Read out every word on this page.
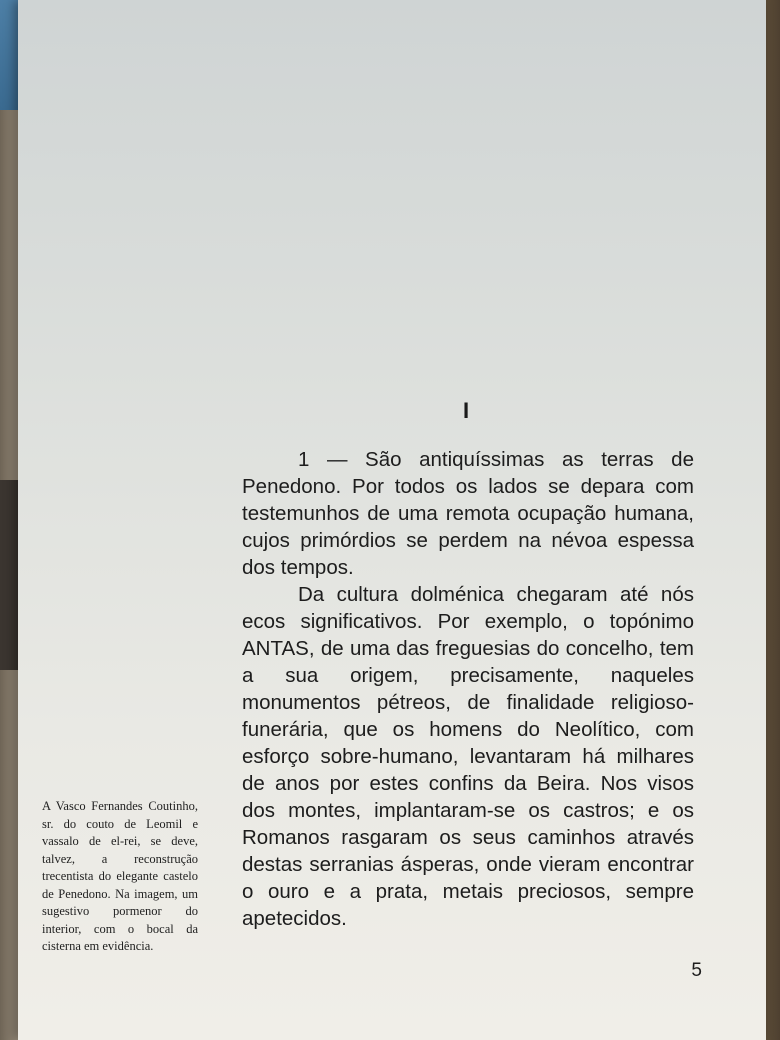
I

1 — São antiquíssimas as terras de Penedono. Por todos os lados se depara com testemunhos de uma remota ocupação humana, cujos primórdios se perdem na névoa espessa dos tempos.

Da cultura dolménica chegaram até nós ecos significativos. Por exemplo, o topónimo ANTAS, de uma das freguesias do concelho, tem a sua origem, precisamente, naqueles monumentos pétreos, de finalidade religioso-funerária, que os homens do Neolítico, com esforço sobre-humano, levantaram há milhares de anos por estes confins da Beira. Nos visos dos montes, implantaram-se os castros; e os Romanos rasgaram os seus caminhos através destas serranias ásperas, onde vieram encontrar o ouro e a prata, metais preciosos, sempre apetecidos.

A Vasco Fernandes Coutinho, sr. do couto de Leomil e vassalo de el-rei, se deve, talvez, a reconstrução trecentista do elegante castelo de Penedono. Na imagem, um sugestivo pormenor do interior, com o bocal da cisterna em evidência.
5
